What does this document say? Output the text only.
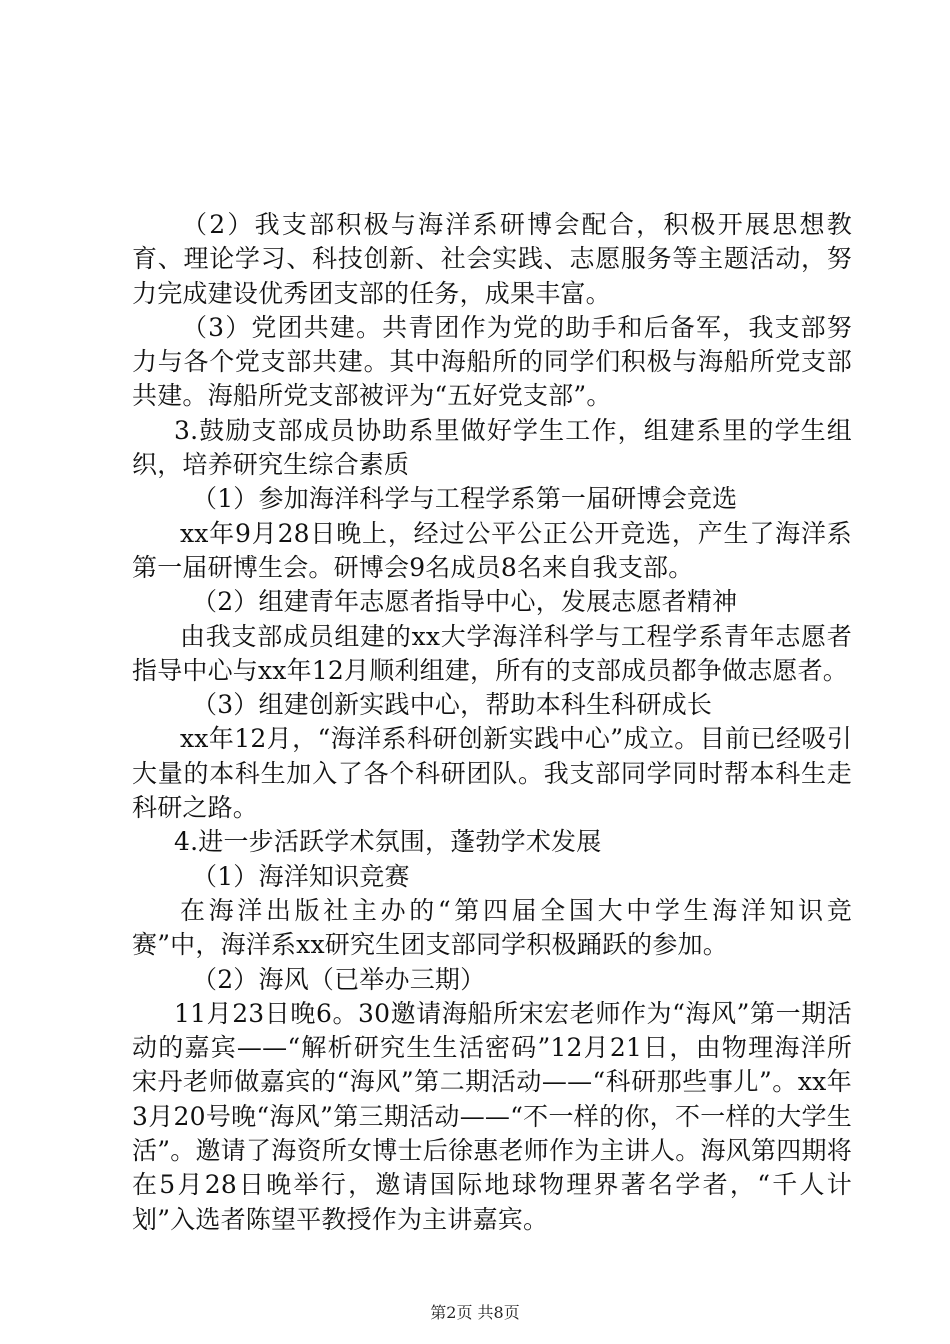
（2）我支部积极与海洋系研博会配合，积极开展思想教育、理论学习、科技创新、社会实践、志愿服务等主题活动，努力完成建设优秀团支部的任务，成果丰富。

（3）党团共建。共青团作为党的助手和后备军，我支部努力与各个党支部共建。其中海船所的同学们积极与海船所党支部共建。海船所党支部被评为“五好党支部”。

3.鼓励支部成员协助系里做好学生工作，组建系里的学生组织，培养研究生综合素质

（1）参加海洋科学与工程学系第一届研博会竞选

xx年9月28日晚上，经过公平公正公开竞选，产生了海洋系第一届研博生会。研博会9名成员8名来自我支部。

（2）组建青年志愿者指导中心，发展志愿者精神

由我支部成员组建的xx大学海洋科学与工程学系青年志愿者指导中心与xx年12月顺利组建，所有的支部成员都争做志愿者。

（3）组建创新实践中心，帮助本科生科研成长

xx年12月，“海洋系科研创新实践中心”成立。目前已经吸引大量的本科生加入了各个科研团队。我支部同学同时帮本科生走科研之路。

4.进一步活跃学术氛围，蓬勃学术发展

（1）海洋知识竞赛

在海洋出版社主办的“第四届全国大中学生海洋知识竞赛”中，海洋系xx研究生团支部同学积极踊跃的参加。

（2）海风（已举办三期）

11月23日晚6。30邀请海船所宋宏老师作为“海风”第一期活动的嘉宾——“解析研究生生活密码”12月21日，由物理海洋所宋丹老师做嘉宾的“海风”第二期活动——“科研那些事儿”。xx年3月20号晚“海风”第三期活动——“不一样的你，不一样的大学生活”。邀请了海资所女博士后徐惠老师作为主讲人。海风第四期将在5月28日晚举行，邀请国际地球物理界著名学者，“千人计划”入选者陈望平教授作为主讲嘉宾。

第2页 共8页
